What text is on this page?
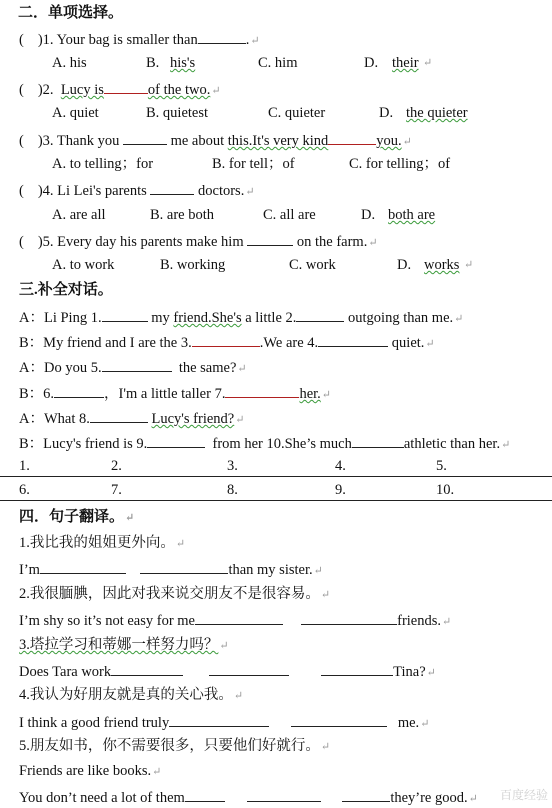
二．单项选择。
( )1. Your bag is smaller than	.↵
A. his	B. his's	C. him	D. their ↵
( )2. Lucy is	of the two.↵
A. quiet	B. quietest	C. quieter	D. the quieter
( )3. Thank you	me about this.It's very kind	you.↵
A. to telling；for	B. for tell；of	C. for telling；of
( )4. Li Lei's parents	doctors.↵
A. are all	B. are both	C. all are	D. both are
( )5. Every day his parents make him	on the farm.↵
A. to work	B. working	C. work	D. works ↵
三.补全对话。
A：Li Ping 1.	my friend.She's a little 2.	outgoing than me.↵
B：My friend and I are the 3.	.We are 4.	quiet.↵
A：Do you 5.	the same?↵
B：6.	，I'm a little taller 7.	her.↵
A：What 8.	Lucy's friend?↵
B：Lucy's friend is 9.	from her 10.She’s much	athletic than her.↵
1.	2.	3.	4.	5.
6.	7.	8.	9.	10.
四．句子翻译。↵
1.我比我的姐姐更外向。↵
I’m	than my sister.↵
2.我很腼腆，因此对我来说交朋友不是很容易。↵
I’m shy so it’s not easy for me	friends.↵
3.塔拉学习和蒂娜一样努力吗？↵
Does Tara work	Tina?↵
4.我认为好朋友就是真的关心我。↵
I think a good friend truly	me.↵
5.朋友如书，你不需要很多，只要他们好就行。↵
Friends are like books.↵
You don’t need a lot of them	they’re good.↵ 百度经验
